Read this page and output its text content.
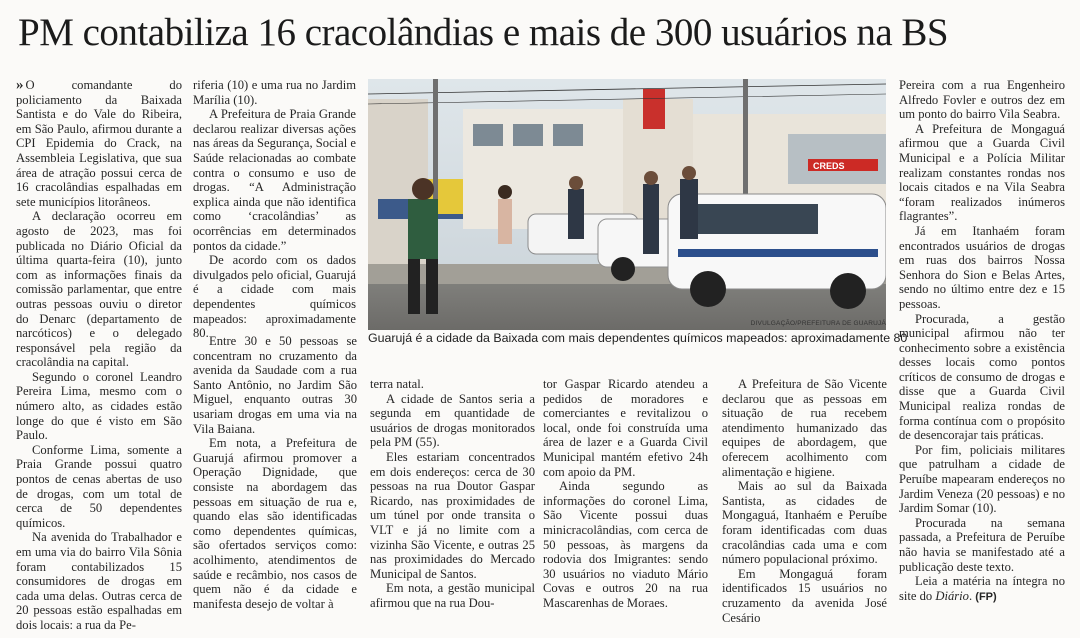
PM contabiliza 16 cracolândias e mais de 300 usuários na BS

» O comandante do policiamento da Baixada Santista e do Vale do Ribeira, em São Paulo, afirmou durante a CPI Epidemia do Crack, na Assembleia Legislativa, que sua área de atração possui cerca de 16 cracolândias espalhadas em sete municípios litorâneos.

A declaração ocorreu em agosto de 2023, mas foi publicada no Diário Oficial da última quarta-feira (10), junto com as informações finais da comissão parlamentar, que entre outras pessoas ouviu o diretor do Denarc (departamento de narcóticos) e o delegado responsável pela região da cracolândia na capital.

Segundo o coronel Leandro Pereira Lima, mesmo com o número alto, as cidades estão longe do que é visto em São Paulo.

Conforme Lima, somente a Praia Grande possui quatro pontos de cenas abertas de uso de drogas, com um total de cerca de 50 dependentes químicos.

Na avenida do Trabalhador e em uma via do bairro Vila Sônia foram contabilizados 15 consumidores de drogas em cada uma delas. Outras cerca de 20 pessoas estão espalhadas em dois locais: a rua da Pe-

riferia (10) e uma rua no Jardim Marília (10).

A Prefeitura de Praia Grande declarou realizar diversas ações nas áreas da Segurança, Social e Saúde relacionadas ao combate contra o consumo e uso de drogas. “A Administração explica ainda que não identifica como ‘cracolândias’ as ocorrências em determinados pontos da cidade.”

De acordo com os dados divulgados pelo oficial, Guarujá é a cidade com mais dependentes químicos mapeados: aproximadamente 80.

Entre 30 e 50 pessoas se concentram no cruzamento da avenida da Saudade com a rua Santo Antônio, no Jardim São Miguel, enquanto outras 30 usariam drogas em uma via na Vila Baiana.

Em nota, a Prefeitura de Guarujá afirmou promover a Operação Dignidade, que consiste na abordagem das pessoas em situação de rua e, quando elas são identificadas como dependentes químicas, são ofertados serviços como: acolhimento, atendimentos de saúde e recâmbio, nos casos de quem não é da cidade e manifesta desejo de voltar à

CREDS
DIVULGAÇÃO/PREFEITURA DE GUARUJÁ
Guarujá é a cidade da Baixada com mais dependentes químicos mapeados: aproximadamente 80

terra natal.

A cidade de Santos seria a segunda em quantidade de usuários de drogas monitorados pela PM (55).

Eles estariam concentrados em dois endereços: cerca de 30 pessoas na rua Doutor Gaspar Ricardo, nas proximidades de um túnel por onde transita o VLT e já no limite com a vizinha São Vicente, e outras 25 nas proximidades do Mercado Municipal de Santos.

Em nota, a gestão municipal afirmou que na rua Dou-

tor Gaspar Ricardo atendeu a pedidos de moradores e comerciantes e revitalizou o local, onde foi construída uma área de lazer e a Guarda Civil Municipal mantém efetivo 24h com apoio da PM.

Ainda segundo as informações do coronel Lima, São Vicente possui duas minicracolândias, com cerca de 50 pessoas, às margens da rodovia dos Imigrantes: sendo 30 usuários no viaduto Mário Covas e outros 20 na rua Mascarenhas de Moraes.

A Prefeitura de São Vicente declarou que as pessoas em situação de rua recebem atendimento humanizado das equipes de abordagem, que oferecem acolhimento com alimentação e higiene.

Mais ao sul da Baixada Santista, as cidades de Mongaguá, Itanhaém e Peruíbe foram identificadas com duas cracolândias cada uma e com número populacional próximo.

Em Mongaguá foram identificados 15 usuários no cruzamento da avenida José Cesário

Pereira com a rua Engenheiro Alfredo Fovler e outros dez em um ponto do bairro Vila Seabra.

A Prefeitura de Mongaguá afirmou que a Guarda Civil Municipal e a Polícia Militar realizam constantes rondas nos locais citados e na Vila Seabra “foram realizados inúmeros flagrantes”.

Já em Itanhaém foram encontrados usuários de drogas em ruas dos bairros Nossa Senhora do Sion e Belas Artes, sendo no último entre dez e 15 pessoas.

Procurada, a gestão municipal afirmou não ter conhecimento sobre a existência desses locais como pontos críticos de consumo de drogas e disse que a Guarda Civil Municipal realiza rondas de forma contínua com o propósito de desencorajar tais práticas.

Por fim, policiais militares que patrulham a cidade de Peruíbe mapearam endereços no Jardim Veneza (20 pessoas) e no Jardim Somar (10).

Procurada na semana passada, a Prefeitura de Peruíbe não havia se manifestado até a publicação deste texto.

Leia a matéria na íntegra no site do Diário. (FP)
